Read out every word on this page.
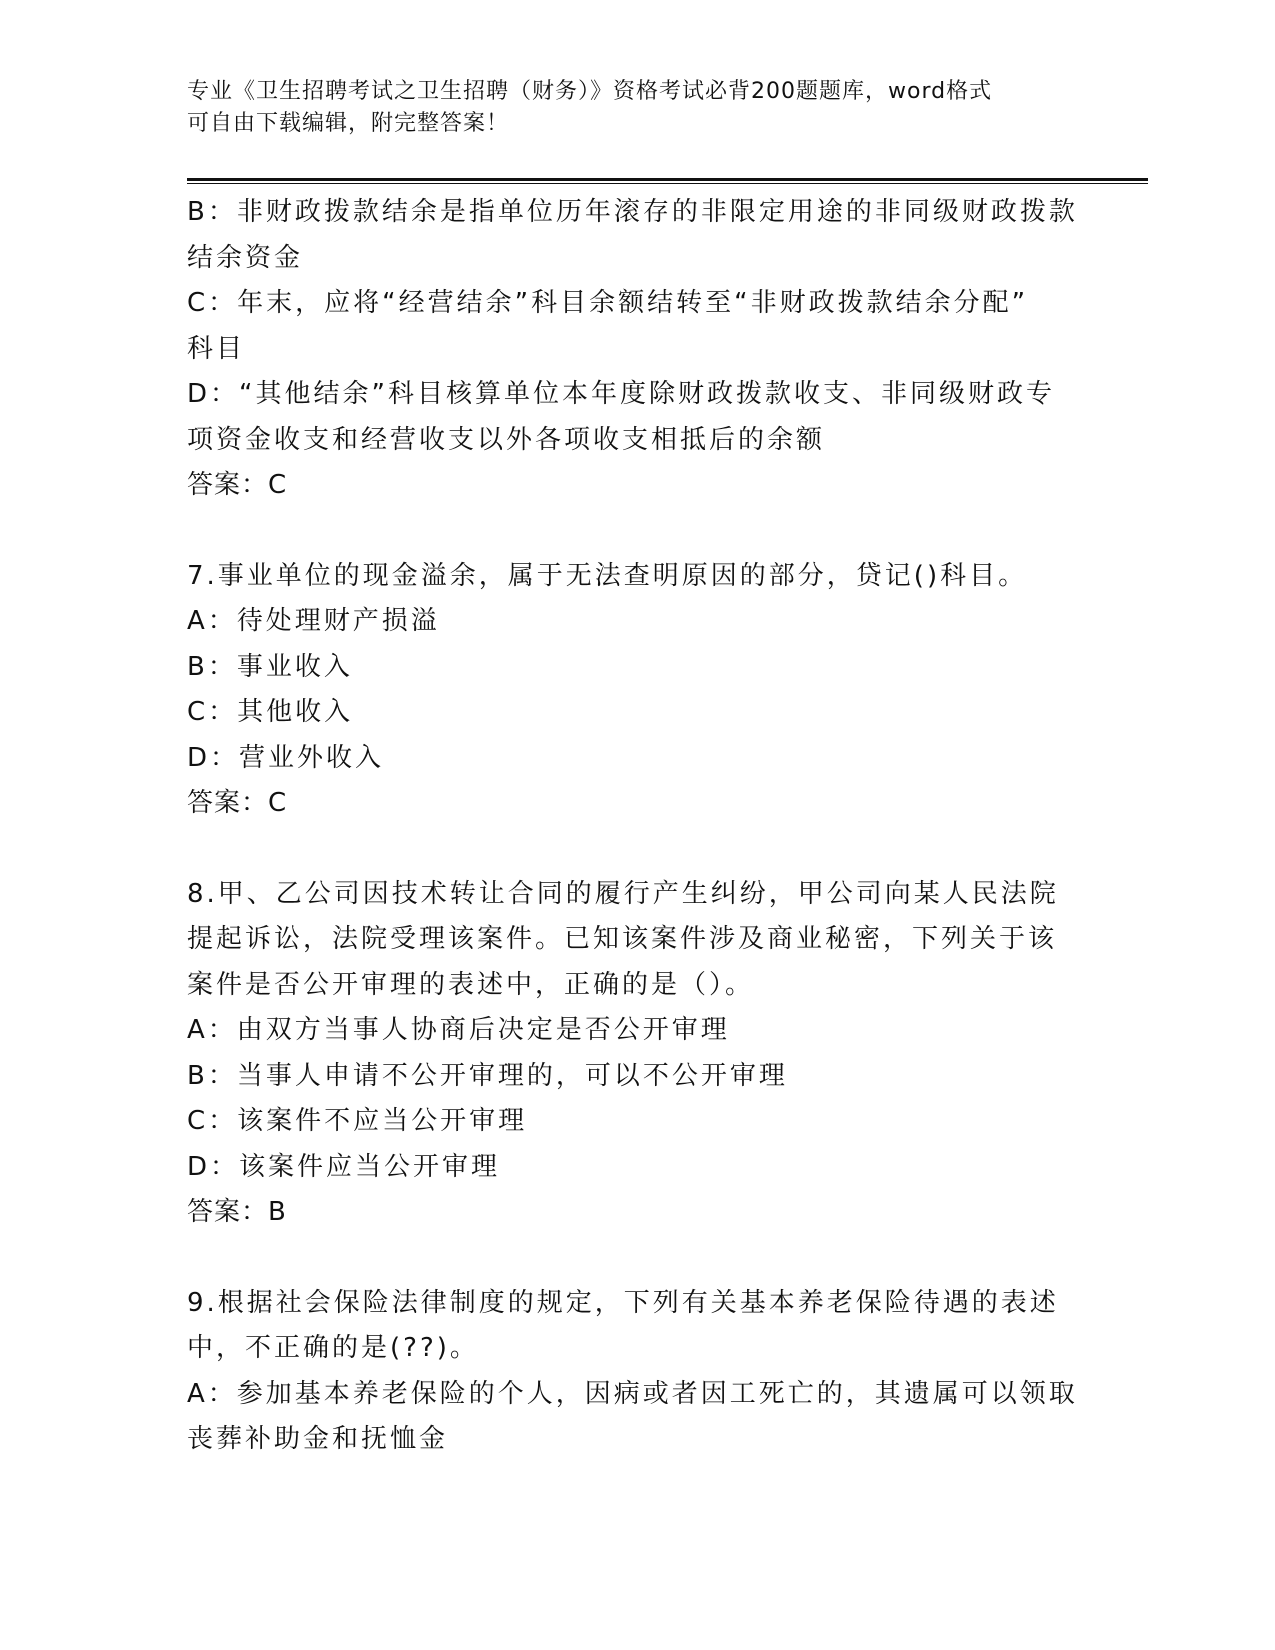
专业《卫生招聘考试之卫生招聘（财务）》资格考试必背200题题库，word格式
可自由下载编辑，附完整答案！
B：非财政拨款结余是指单位历年滚存的非限定用途的非同级财政拨款
结余资金
C：年末，应将“经营结余”科目余额结转至“非财政拨款结余分配”
科目
D：“其他结余”科目核算单位本年度除财政拨款收支、非同级财政专
项资金收支和经营收支以外各项收支相抵后的余额
答案：C
7.事业单位的现金溢余，属于无法查明原因的部分，贷记()科目。
A：待处理财产损溢
B：事业收入
C：其他收入
D：营业外收入
答案：C
8.甲、乙公司因技术转让合同的履行产生纠纷，甲公司向某人民法院
提起诉讼，法院受理该案件。已知该案件涉及商业秘密，下列关于该
案件是否公开审理的表述中，正确的是（）。
A：由双方当事人协商后决定是否公开审理
B：当事人申请不公开审理的，可以不公开审理
C：该案件不应当公开审理
D：该案件应当公开审理
答案：B
9.根据社会保险法律制度的规定，下列有关基本养老保险待遇的表述
中，不正确的是(??)。
A：参加基本养老保险的个人，因病或者因工死亡的，其遗属可以领取
丧葬补助金和抚恤金
